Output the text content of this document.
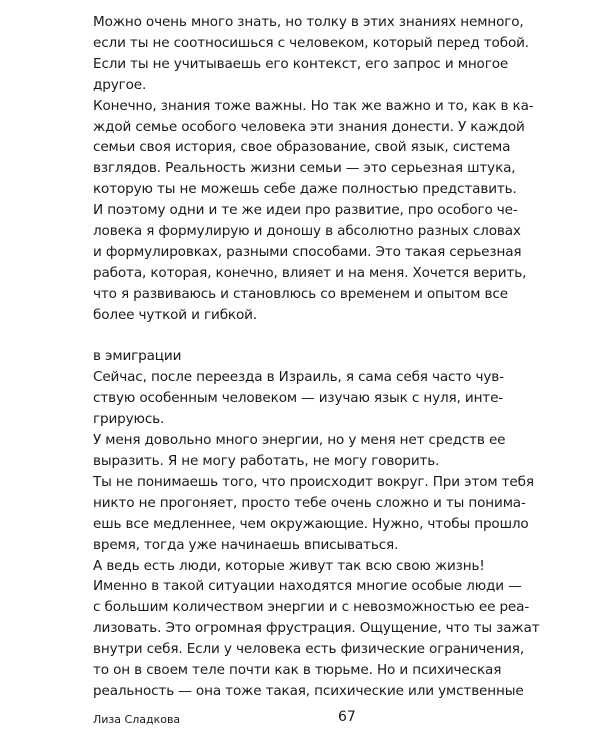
Можно очень много знать, но толку в этих знаниях немного,
если ты не соотносишься с человеком, который перед тобой.
Если ты не учитываешь его контекст, его запрос и многое
другое.
Конечно, знания тоже важны. Но так же важно и то, как в ка-
ждой семье особого человека эти знания донести. У каждой
семьи своя история, свое образование, свой язык, система
взглядов. Реальность жизни семьи — это серьезная штука,
которую ты не можешь себе даже полностью представить.
И поэтому одни и те же идеи про развитие, про особого че-
ловека я формулирую и доношу в абсолютно разных словах
и формулировках, разными способами. Это такая серьезная
работа, которая, конечно, влияет и на меня. Хочется верить,
что я развиваюсь и становлюсь со временем и опытом все
более чуткой и гибкой.
в эмиграции
Сейчас, после переезда в Израиль, я сама себя часто чув-
ствую особенным человеком — изучаю язык с нуля, инте-
грируюсь.
У меня довольно много энергии, но у меня нет средств ее
выразить. Я не могу работать, не могу говорить.
Ты не понимаешь того, что происходит вокруг. При этом тебя
никто не прогоняет, просто тебе очень сложно и ты понима-
ешь все медленнее, чем окружающие. Нужно, чтобы прошло
время, тогда уже начинаешь вписываться.
А ведь есть люди, которые живут так всю свою жизнь!
Именно в такой ситуации находятся многие особые люди —
с большим количеством энергии и с невозможностью ее реа-
лизовать. Это огромная фрустрация. Ощущение, что ты зажат
внутри себя. Если у человека есть физические ограничения,
то он в своем теле почти как в тюрьме. Но и психическая
реальность — она тоже такая, психические или умственные
Лиза Сладкова	67
